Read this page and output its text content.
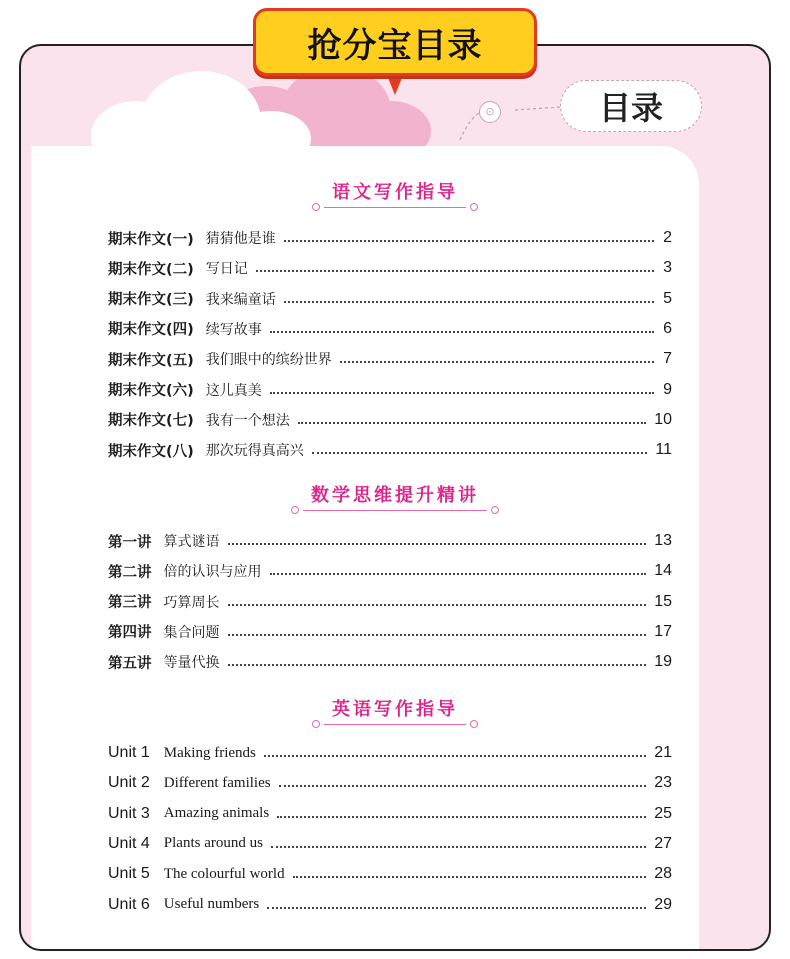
抢分宝目录
⊙	目录
语文写作指导
期末作文(一) 猜猜他是谁	2
期末作文(二) 写日记	3
期末作文(三) 我来编童话	5
期末作文(四) 续写故事	6
期末作文(五) 我们眼中的缤纷世界	7
期末作文(六) 这儿真美	9
期末作文(七) 我有一个想法	10
期末作文(八) 那次玩得真高兴	11
数学思维提升精讲
第一讲 算式谜语	13
第二讲 倍的认识与应用	14
第三讲 巧算周长	15
第四讲 集合问题	17
第五讲 等量代换	19
英语写作指导
Unit 1 Making friends	21
Unit 2 Different families	23
Unit 3 Amazing animals	25
Unit 4 Plants around us	27
Unit 5 The colourful world	28
Unit 6 Useful numbers	29
